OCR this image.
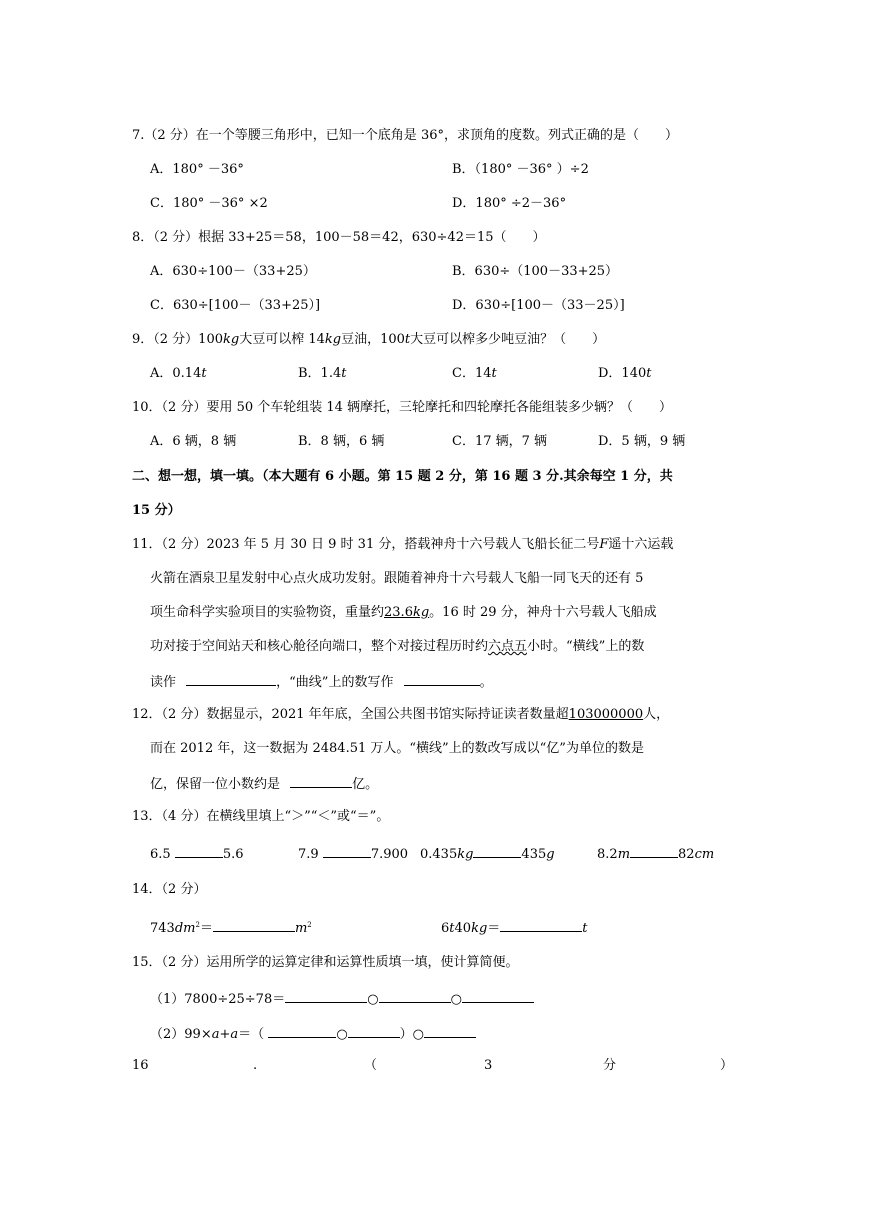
7.（2 分）在一个等腰三角形中，已知一个底角是 36°，求顶角的度数。列式正确的是（　　）
A．180° －36°	B．（180° －36° ）÷2
C．180° －36° ×2	D．180° ÷2－36°
8．（2 分）根据 33+25＝58，100－58＝42，630÷42＝15（　　）
A．630÷100－（33+25）	B．630÷（100－33+25）
C．630÷[100－（33+25）]	D．630÷[100－（33－25）]
9．（2 分）100kg大豆可以榨 14kg豆油，100t大豆可以榨多少吨豆油？（　　）
A．0.14t	B．1.4t	C．14t	D．140t
10．（2 分）要用 50 个车轮组装 14 辆摩托，三轮摩托和四轮摩托各能组装多少辆？（　　）
A．6 辆，8 辆	B．8 辆，6 辆	C．17 辆，7 辆	D．5 辆，9 辆
二、想一想，填一填。（本大题有 6 小题。第 15 题 2 分，第 16 题 3 分.其余每空 1 分，共
15 分）
11．（2 分）2023 年 5 月 30 日 9 时 31 分，搭载神舟十六号载人飞船长征二号F遥十六运载
火箭在酒泉卫星发射中心点火成功发射。跟随着神舟十六号载人飞船一同飞天的还有 5
项生命科学实验项目的实验物资，重量约23.6kg。16 时 29 分，神舟十六号载人飞船成
功对接于空间站天和核心舱径向端口，整个对接过程历时约六点五小时。“横线”上的数
读作	，“曲线”上的数写作	。
12．（2 分）数据显示，2021 年年底，全国公共图书馆实际持证读者数量超103000000人，
而在 2012 年，这一数据为 2484.51 万人。“横线”上的数改写成以“亿”为单位的数是
亿，保留一位小数约是	亿。
13．（4 分）在横线里填上“＞”“＜”或“＝”。
6.5	5.6	7.9	7.900 0.435kg	435g	8.2m	82cm
14．（2 分）
$743dm^2=$	$m^2$	6t40kg＝	t
15．（2 分）运用所学的运算定律和运算性质填一填，使计算简便。
（1）7800÷25÷78＝	○	○
（2）99×a+a＝（	○	）○
16	.	（	3	分	）
